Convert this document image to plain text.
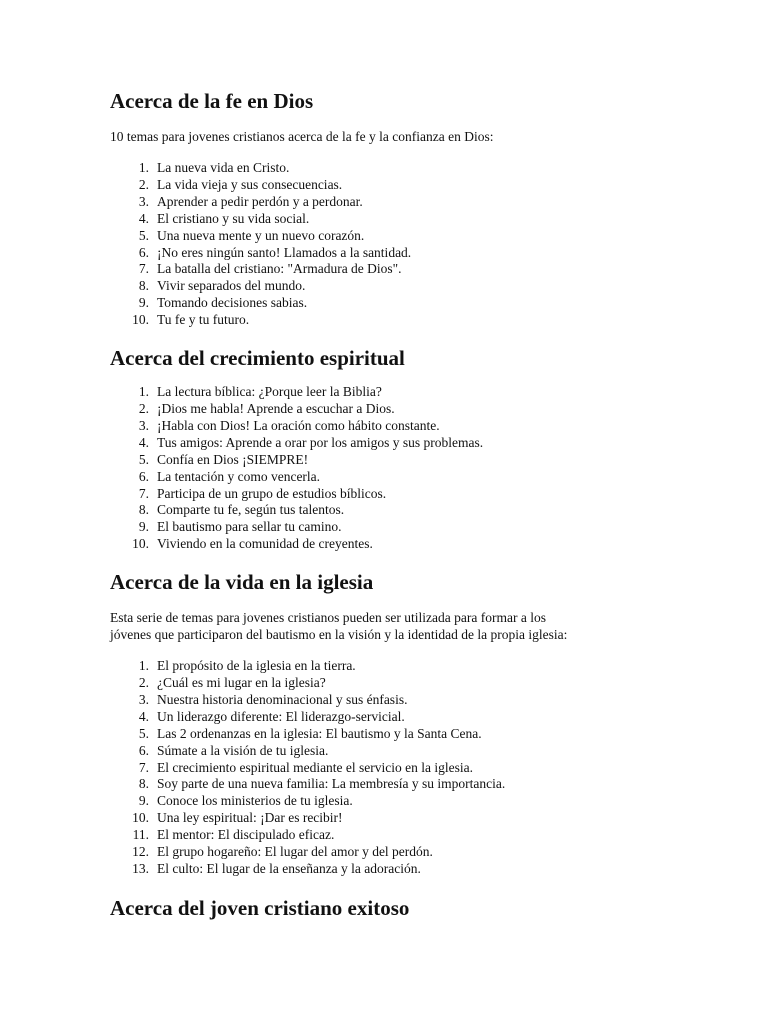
Acerca de la fe en Dios

10 temas para jovenes cristianos acerca de la fe y la confianza en Dios:

1. La nueva vida en Cristo.
2. La vida vieja y sus consecuencias.
3. Aprender a pedir perdón y a perdonar.
4. El cristiano y su vida social.
5. Una nueva mente y un nuevo corazón.
6. ¡No eres ningún santo! Llamados a la santidad.
7. La batalla del cristiano: "Armadura de Dios".
8. Vivir separados del mundo.
9. Tomando decisiones sabias.
10. Tu fe y tu futuro.
Acerca del crecimiento espiritual
1. La lectura bíblica: ¿Porque leer la Biblia?
2. ¡Dios me habla! Aprende a escuchar a Dios.
3. ¡Habla con Dios! La oración como hábito constante.
4. Tus amigos: Aprende a orar por los amigos y sus problemas.
5. Confía en Dios ¡SIEMPRE!
6. La tentación y como vencerla.
7. Participa de un grupo de estudios bíblicos.
8. Comparte tu fe, según tus talentos.
9. El bautismo para sellar tu camino.
10. Viviendo en la comunidad de creyentes.
Acerca de la vida en la iglesia

Esta serie de temas para jovenes cristianos pueden ser utilizada para formar a los

jóvenes que participaron del bautismo en la visión y la identidad de la propia iglesia:

1. El propósito de la iglesia en la tierra.
2. ¿Cuál es mi lugar en la iglesia?
3. Nuestra historia denominacional y sus énfasis.
4. Un liderazgo diferente: El liderazgo-servicial.
5. Las 2 ordenanzas en la iglesia: El bautismo y la Santa Cena.
6. Súmate a la visión de tu iglesia.
7. El crecimiento espiritual mediante el servicio en la iglesia.
8. Soy parte de una nueva familia: La membresía y su importancia.
9. Conoce los ministerios de tu iglesia.
10. Una ley espiritual: ¡Dar es recibir!
11. El mentor: El discipulado eficaz.
12. El grupo hogareño: El lugar del amor y del perdón.
13. El culto: El lugar de la enseñanza y la adoración.
Acerca del joven cristiano exitoso
